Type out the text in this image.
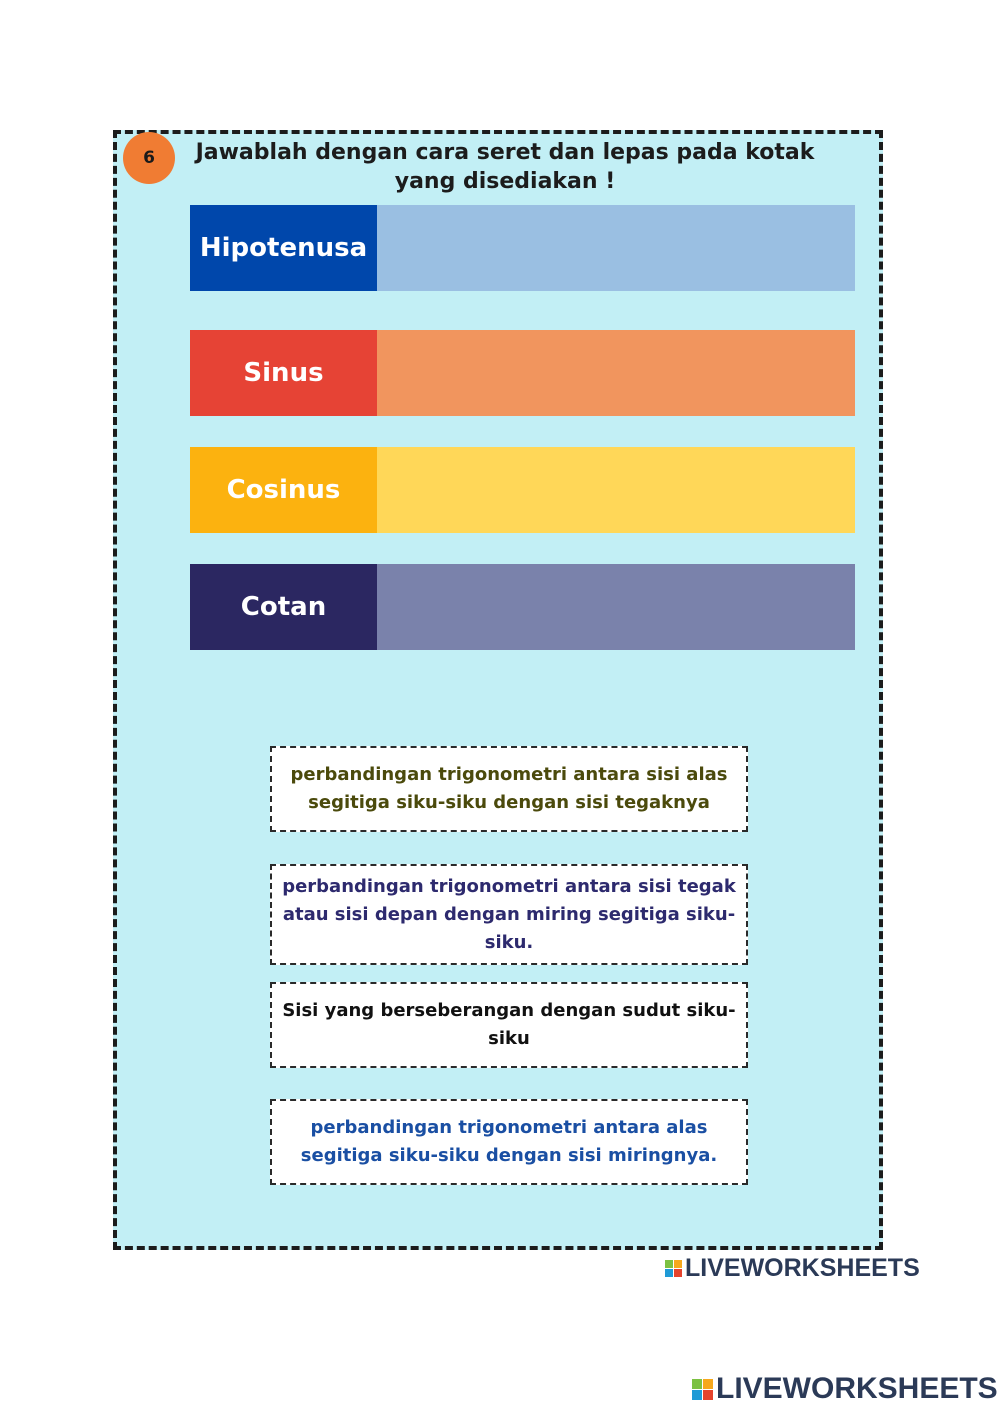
6	Jawablah dengan cara seret dan lepas pada kotak yang disediakan !
Hipotenusa
Sinus
Cosinus
Cotan
perbandingan trigonometri antara sisi alas segitiga siku-siku dengan sisi tegaknya
perbandingan trigonometri antara sisi tegak atau sisi depan dengan miring segitiga siku-siku.
Sisi yang berseberangan dengan sudut siku-siku
perbandingan trigonometri antara alas segitiga siku-siku dengan sisi miringnya.
LIVEWORKSHEETS
LIVEWORKSHEETS
